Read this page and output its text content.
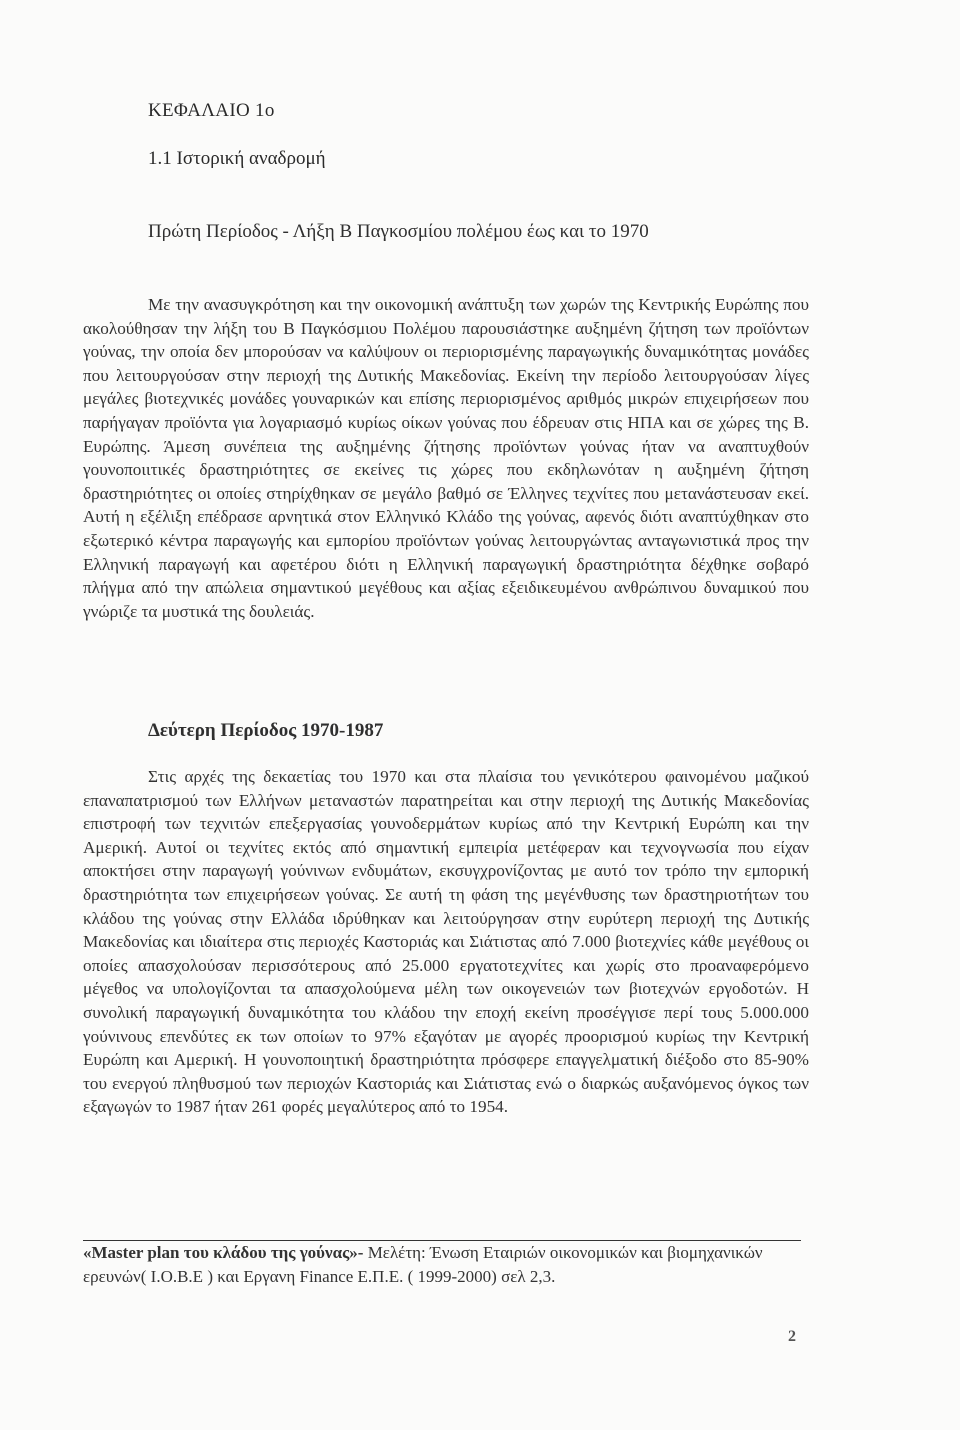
ΚΕΦΑΛΑΙΟ 1ο
1.1 Ιστορική αναδρομή
Πρώτη Περίοδος - Λήξη Β Παγκοσμίου πολέμου έως και το 1970
Με την ανασυγκρότηση και την οικονομική ανάπτυξη των χωρών της Κεντρικής Ευρώπης που ακολούθησαν την λήξη του Β Παγκόσμιου Πολέμου παρουσιάστηκε αυξημένη ζήτηση των προϊόντων γούνας, την οποία δεν μπορούσαν να καλύψουν οι περιορισμένης παραγωγικής δυναμικότητας μονάδες που λειτουργούσαν στην περιοχή της Δυτικής Μακεδονίας. Εκείνη την περίοδο λειτουργούσαν λίγες μεγάλες βιοτεχνικές μονάδες γουναρικών και επίσης περιορισμένος αριθμός μικρών επιχειρήσεων που παρήγαγαν προϊόντα για λογαριασμό κυρίως οίκων γούνας που έδρευαν στις ΗΠΑ και σε χώρες της Β. Ευρώπης. Άμεση συνέπεια της αυξημένης ζήτησης προϊόντων γούνας ήταν να αναπτυχθούν γουνοποιιτικές δραστηριότητες σε εκείνες τις χώρες που εκδηλωνόταν η αυξημένη ζήτηση δραστηριότητες οι οποίες στηρίχθηκαν σε μεγάλο βαθμό σε Έλληνες τεχνίτες που μετανάστευσαν εκεί. Αυτή η εξέλιξη επέδρασε αρνητικά στον Ελληνικό Κλάδο της γούνας, αφενός διότι αναπτύχθηκαν στο εξωτερικό κέντρα παραγωγής και εμπορίου προϊόντων γούνας λειτουργώντας ανταγωνιστικά προς την Ελληνική παραγωγή και αφετέρου διότι η Ελληνική παραγωγική δραστηριότητα δέχθηκε σοβαρό πλήγμα από την απώλεια σημαντικού μεγέθους και αξίας εξειδικευμένου ανθρώπινου δυναμικού που γνώριζε τα μυστικά της δουλειάς.
Δεύτερη Περίοδος 1970-1987
Στις αρχές της δεκαετίας του 1970 και στα πλαίσια του γενικότερου φαινομένου μαζικού επαναπατρισμού των Ελλήνων μεταναστών παρατηρείται και στην περιοχή της Δυτικής Μακεδονίας επιστροφή των τεχνιτών επεξεργασίας γουνοδερμάτων κυρίως από την Κεντρική Ευρώπη και την Αμερική. Αυτοί οι τεχνίτες εκτός από σημαντική εμπειρία μετέφεραν και τεχνογνωσία που είχαν αποκτήσει στην παραγωγή γούνινων ενδυμάτων, εκσυγχρονίζοντας με αυτό τον τρόπο την εμπορική δραστηριότητα των επιχειρήσεων γούνας. Σε αυτή τη φάση της μεγένθυσης των δραστηριοτήτων του κλάδου της γούνας στην Ελλάδα ιδρύθηκαν και λειτούργησαν στην ευρύτερη περιοχή της Δυτικής Μακεδονίας και ιδιαίτερα στις περιοχές Καστοριάς και Σιάτιστας από 7.000 βιοτεχνίες κάθε μεγέθους οι οποίες απασχολούσαν περισσότερους από 25.000 εργατοτεχνίτες και χωρίς στο προαναφερόμενο μέγεθος να υπολογίζονται τα απασχολούμενα μέλη των οικογενειών των βιοτεχνών εργοδοτών. Η συνολική παραγωγική δυναμικότητα του κλάδου την εποχή εκείνη προσέγγισε περί τους 5.000.000 γούνινους επενδύτες εκ των οποίων το 97% εξαγόταν με αγορές προορισμού κυρίως την Κεντρική Ευρώπη και Αμερική. Η γουνοποιητική δραστηριότητα πρόσφερε επαγγελματική διέξοδο στο 85-90% του ενεργού πληθυσμού των περιοχών Καστοριάς και Σιάτιστας ενώ ο διαρκώς αυξανόμενος όγκος των εξαγωγών το 1987 ήταν 261 φορές μεγαλύτερος από το 1954.
«Master plan του κλάδου της γούνας»- Μελέτη: Ένωση Εταιριών οικονομικών και βιομηχανικών ερευνών( Ι.Ο.Β.Ε ) και Εργανη Finance Ε.Π.Ε. ( 1999-2000) σελ 2,3.
2
